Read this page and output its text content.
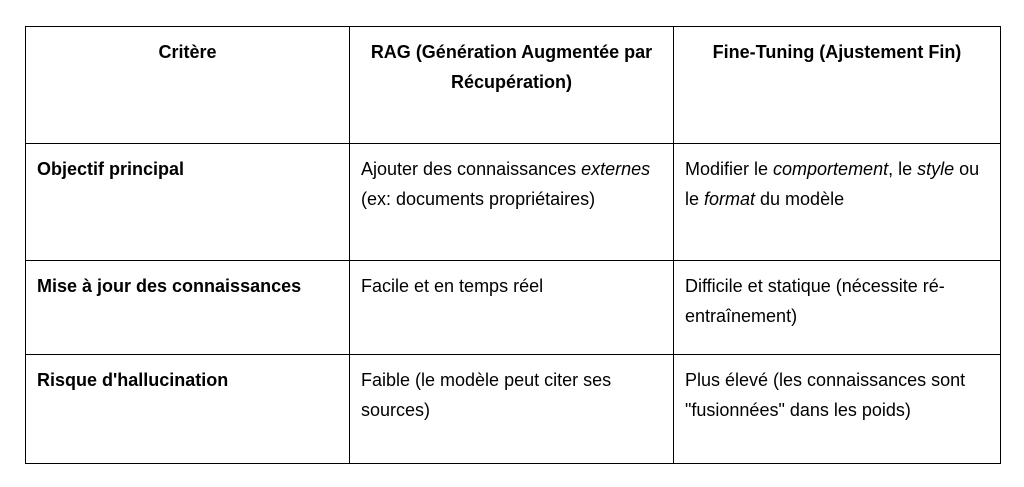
Critère	RAG (Génération Augmentée par Récupération)	Fine-Tuning (Ajustement Fin)
Objectif principal	Ajouter des connaissances externes (ex: documents propriétaires)	Modifier le comportement, le style ou le format du modèle
Mise à jour des connaissances	Facile et en temps réel	Difficile et statique (nécessite ré-entraînement)
Risque d'hallucination	Faible (le modèle peut citer ses sources)	Plus élevé (les connaissances sont "fusionnées" dans les poids)
